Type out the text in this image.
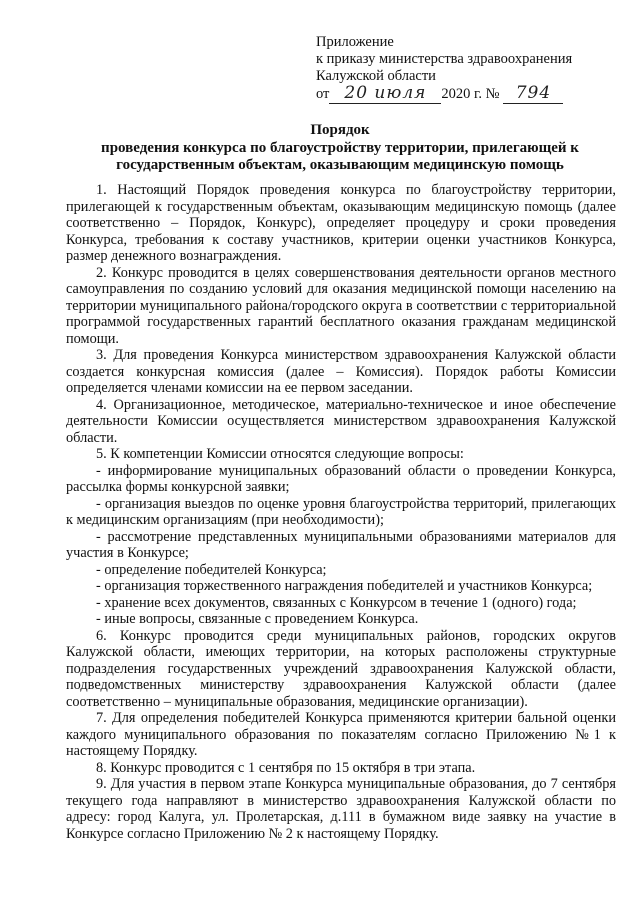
Приложение
к приказу министерства здравоохранения
Калужской области
от 20 июля 2020 г. № 794
Порядок
проведения конкурса по благоустройству территории, прилегающей к государственным объектам, оказывающим медицинскую помощь

1. Настоящий Порядок проведения конкурса по благоустройству территории, прилегающей к государственным объектам, оказывающим медицинскую помощь (далее соответственно – Порядок, Конкурс), определяет процедуру и сроки проведения Конкурса, требования к составу участников, критерии оценки участников Конкурса, размер денежного вознаграждения.

2. Конкурс проводится в целях совершенствования деятельности органов местного самоуправления по созданию условий для оказания медицинской помощи населению на территории муниципального района/городского округа в соответствии с территориальной программой государственных гарантий бесплатного оказания гражданам медицинской помощи.

3. Для проведения Конкурса министерством здравоохранения Калужской области создается конкурсная комиссия (далее – Комиссия). Порядок работы Комиссии определяется членами комиссии на ее первом заседании.

4. Организационное, методическое, материально-техническое и иное обеспечение деятельности Комиссии осуществляется министерством здравоохранения Калужской области.

5. К компетенции Комиссии относятся следующие вопросы:

- информирование муниципальных образований области о проведении Конкурса, рассылка формы конкурсной заявки;

- организация выездов по оценке уровня благоустройства территорий, прилегающих к медицинским организациям (при необходимости);

- рассмотрение представленных муниципальными образованиями материалов для участия в Конкурсе;

- определение победителей Конкурса;

- организация торжественного награждения победителей и участников Конкурса;

- хранение всех документов, связанных с Конкурсом в течение 1 (одного) года;

- иные вопросы, связанные с проведением Конкурса.

6. Конкурс проводится среди муниципальных районов, городских округов Калужской области, имеющих территории, на которых расположены структурные подразделения государственных учреждений здравоохранения Калужской области, подведомственных министерству здравоохранения Калужской области (далее соответственно – муниципальные образования, медицинские организации).

7. Для определения победителей Конкурса применяются критерии бальной оценки каждого муниципального образования по показателям согласно Приложению №1 к настоящему Порядку.

8. Конкурс проводится с 1 сентября по 15 октября в три этапа.

9. Для участия в первом этапе Конкурса муниципальные образования, до 7 сентября текущего года направляют в министерство здравоохранения Калужской области по адресу: город Калуга, ул. Пролетарская, д.111 в бумажном виде заявку на участие в Конкурсе согласно Приложению № 2 к настоящему Порядку.
